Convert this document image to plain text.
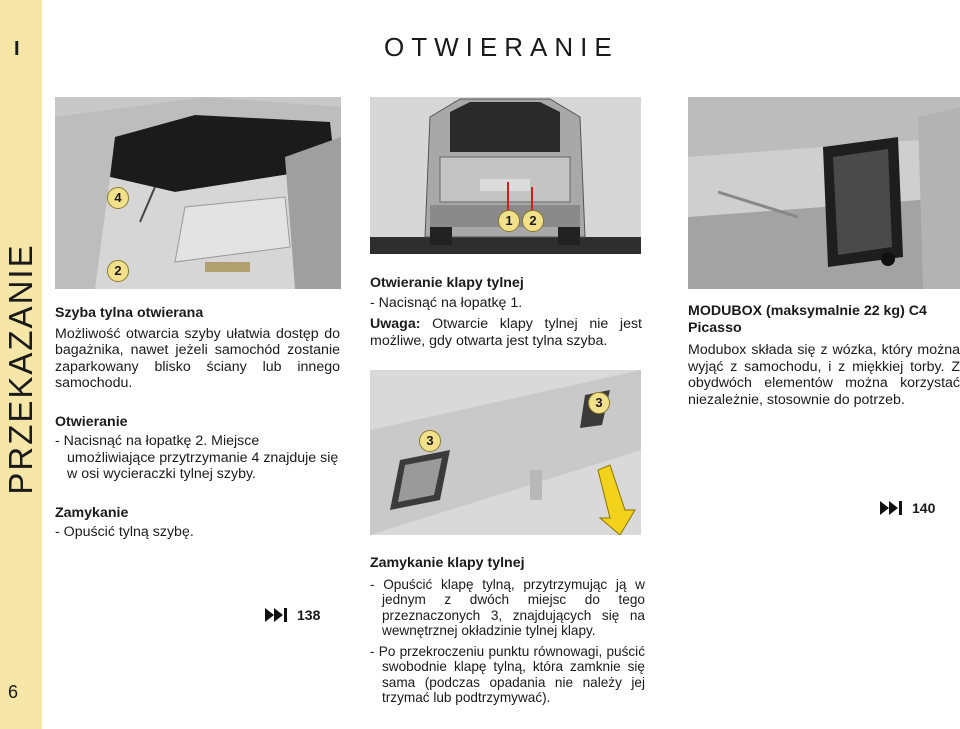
I
PRZEKAZANIE
6
OTWIERANIE
4
2
Szyba tylna otwierana
Możliwość otwarcia szyby ułatwia dostęp do bagażnika, nawet jeżeli samochód zostanie zaparkowany blisko ściany lub innego samochodu.
Otwieranie
- Nacisnąć na łopatkę 2. Miejsce umożliwiające przytrzymanie 4 znajduje się w osi wycieraczki tylnej szyby.
Zamykanie
- Opuścić tylną szybę.
138
1	2
Otwieranie klapy tylnej
- Nacisnąć na łopatkę 1.
Uwaga: Otwarcie klapy tylnej nie jest możliwe, gdy otwarta jest tylna szyba.
3
3
Zamykanie klapy tylnej
- Opuścić klapę tylną, przytrzymując ją w jednym z dwóch miejsc do tego przeznaczonych 3, znajdujących się na wewnętrznej okładzinie tylnej klapy.
- Po przekroczeniu punktu równowagi, puścić swobodnie klapę tylną, która zamknie się sama (podczas opadania nie należy jej trzymać lub podtrzymywać).
MODUBOX (maksymalnie 22 kg) C4 Picasso
Modubox składa się z wózka, który można wyjąć z samochodu, i z miękkiej torby. Z obydwóch elementów można korzystać niezależnie, stosownie do potrzeb.
140
